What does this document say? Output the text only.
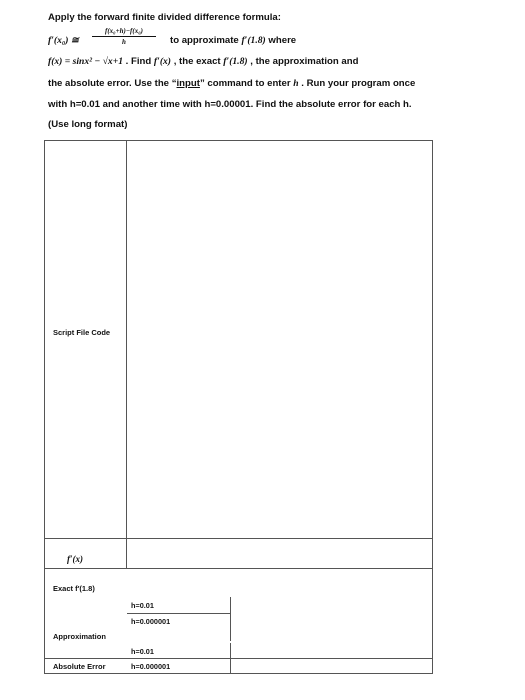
Apply the forward finite divided difference formula:
f′(x₀) ≅ $\frac{\text{f(x₀+h)−f(x₀)}}{h}$ to approximate f′(1.8) where
f(x) = sinx² − √x+1 . Find f′(x) , the exact f′(1.8) , the approximation and
the absolute error. Use the “input” command to enter h . Run your program once
with h=0.01 and another time with h=0.00001. Find the absolute error for each h.
(Use long format)
Script File Code
f′(x)
Exact f′(1.8)
h=0.01
h=0.000001
Approximation
h=0.01
h=0.000001
Absolute Error
